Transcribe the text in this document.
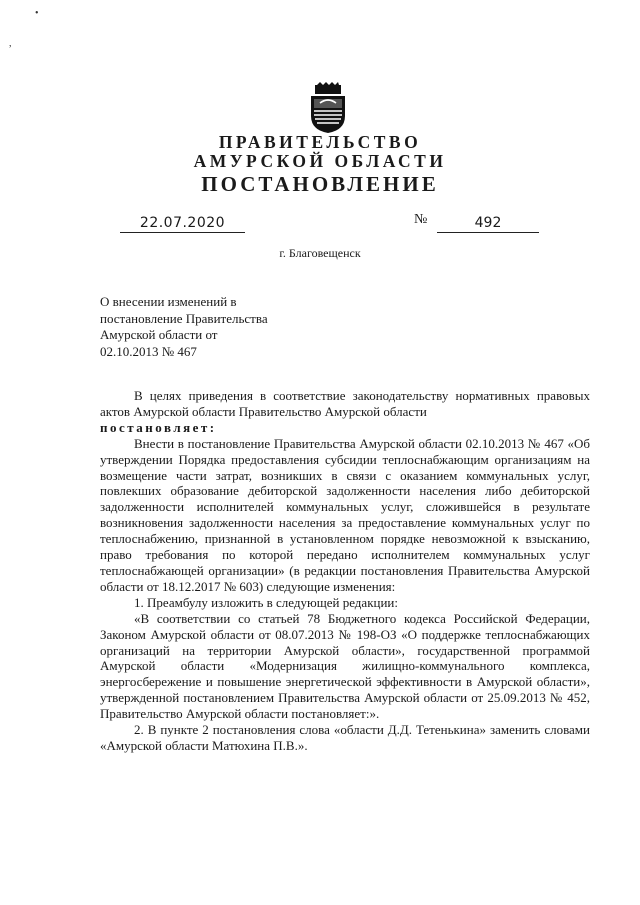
•
,
ПРАВИТЕЛЬСТВО
АМУРСКОЙ ОБЛАСТИ
ПОСТАНОВЛЕНИЕ
22.07.2020	№	492
г. Благовещенск
О внесении изменений в
постановление Правительства
Амурской области от
02.10.2013 № 467

В целях приведения в соответствие законодательству нормативных правовых актов Амурской области Правительство Амурской области

постановляет:

Внести в постановление Правительства Амурской области 02.10.2013 № 467 «Об утверждении Порядка предоставления субсидии теплоснабжающим организациям на возмещение части затрат, возникших в связи с оказанием коммунальных услуг, повлекших образование дебиторской задолженности населения либо дебиторской задолженности исполнителей коммунальных услуг, сложившейся в результате возникновения задолженности населения за предоставление коммунальных услуг по теплоснабжению, признанной в установленном порядке невозможной к взысканию, право требования по которой передано исполнителем коммунальных услуг теплоснабжающей организации» (в редакции постановления Правительства Амурской области от 18.12.2017 № 603) следующие изменения:

1. Преамбулу изложить в следующей редакции:

«В соответствии со статьей 78 Бюджетного кодекса Российской Федерации, Законом Амурской области от 08.07.2013 № 198-ОЗ «О поддержке теплоснабжающих организаций на территории Амурской области», государственной программой Амурской области «Модернизация жилищно-коммунального комплекса, энергосбережение и повышение энергетической эффективности в Амурской области», утвержденной постановлением Правительства Амурской области от 25.09.2013 № 452, Правительство Амурской области постановляет:».

2. В пункте 2 постановления слова «области Д.Д. Тетенькина» заменить словами «Амурской области Матюхина П.В.».
